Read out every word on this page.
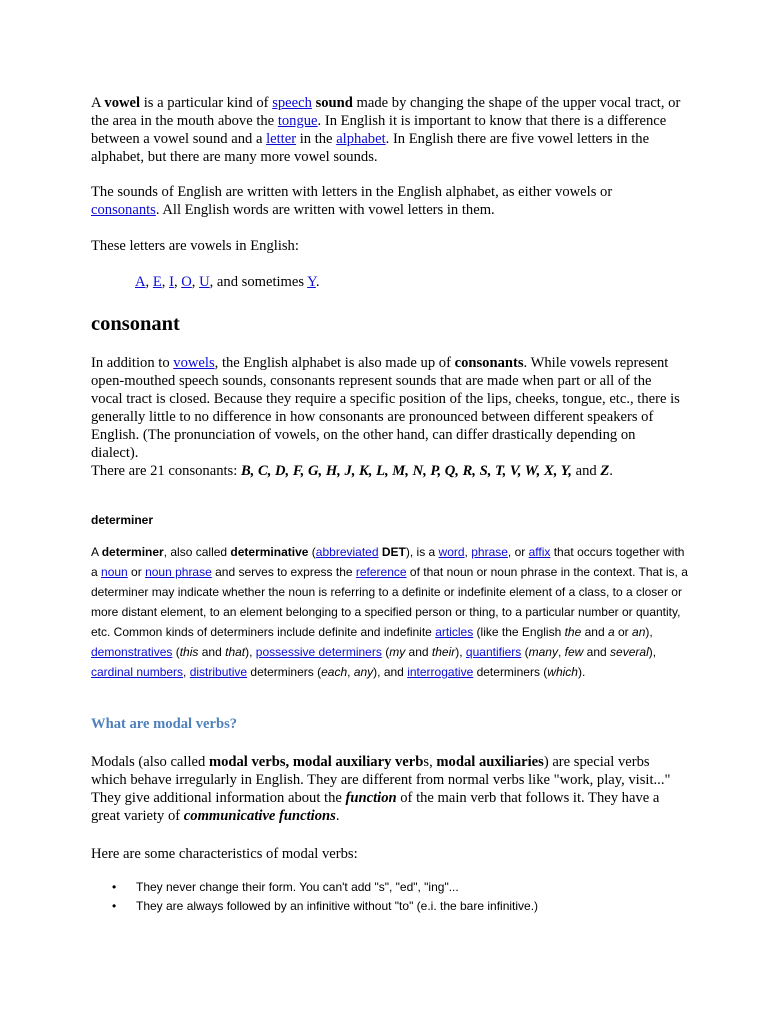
A vowel is a particular kind of speech sound made by changing the shape of the upper vocal tract, or the area in the mouth above the tongue. In English it is important to know that there is a difference between a vowel sound and a letter in the alphabet. In English there are five vowel letters in the alphabet, but there are many more vowel sounds.

The sounds of English are written with letters in the English alphabet, as either vowels or consonants. All English words are written with vowel letters in them.

These letters are vowels in English:

A, E, I, O, U, and sometimes Y.

consonant

In addition to vowels, the English alphabet is also made up of consonants. While vowels represent open-mouthed speech sounds, consonants represent sounds that are made when part or all of the vocal tract is closed. Because they require a specific position of the lips, cheeks, tongue, etc., there is generally little to no difference in how consonants are pronounced between different speakers of English. (The pronunciation of vowels, on the other hand, can differ drastically depending on dialect).

There are 21 consonants: B, C, D, F, G, H, J, K, L, M, N, P, Q, R, S, T, V, W, X, Y, and Z.

determiner

A determiner, also called determinative (abbreviated DET), is a word, phrase, or affix that occurs together with a noun or noun phrase and serves to express the reference of that noun or noun phrase in the context. That is, a determiner may indicate whether the noun is referring to a definite or indefinite element of a class, to a closer or more distant element, to an element belonging to a specified person or thing, to a particular number or quantity, etc. Common kinds of determiners include definite and indefinite articles (like the English the and a or an), demonstratives (this and that), possessive determiners (my and their), quantifiers (many, few and several), cardinal numbers, distributive determiners (each, any), and interrogative determiners (which).

What are modal verbs?

Modals (also called modal verbs, modal auxiliary verbs, modal auxiliaries) are special verbs which behave irregularly in English. They are different from normal verbs like "work, play, visit..." They give additional information about the function of the main verb that follows it. They have a great variety of communicative functions.

Here are some characteristics of modal verbs:

• They never change their form. You can't add "s", "ed", "ing"...
• They are always followed by an infinitive without "to" (e.i. the bare infinitive.)
